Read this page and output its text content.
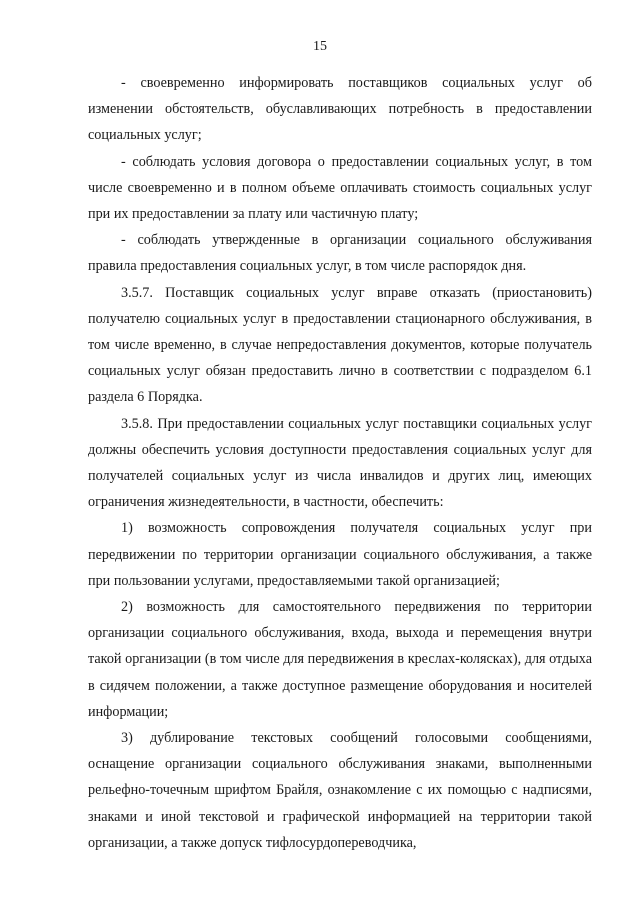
15

- своевременно информировать поставщиков социальных услуг об изменении обстоятельств, обуславливающих потребность в предоставлении социальных услуг;

- соблюдать условия договора о предоставлении социальных услуг, в том числе своевременно и в полном объеме оплачивать стоимость социальных услуг при их предоставлении за плату или частичную плату;

- соблюдать утвержденные в организации социального обслуживания правила предоставления социальных услуг, в том числе распорядок дня.

3.5.7. Поставщик социальных услуг вправе отказать (приостановить) получателю социальных услуг в предоставлении стационарного обслуживания, в том числе временно, в случае непредоставления документов, которые получатель социальных услуг обязан предоставить лично в соответствии с подразделом 6.1 раздела 6 Порядка.

3.5.8. При предоставлении социальных услуг поставщики социальных услуг должны обеспечить условия доступности предоставления социальных услуг для получателей социальных услуг из числа инвалидов и других лиц, имеющих ограничения жизнедеятельности, в частности, обеспечить:

1) возможность сопровождения получателя социальных услуг при передвижении по территории организации социального обслуживания, а также при пользовании услугами, предоставляемыми такой организацией;

2) возможность для самостоятельного передвижения по территории организации социального обслуживания, входа, выхода и перемещения внутри такой организации (в том числе для передвижения в креслах-колясках), для отдыха в сидячем положении, а также доступное размещение оборудования и носителей информации;

3) дублирование текстовых сообщений голосовыми сообщениями, оснащение организации социального обслуживания знаками, выполненными рельефно-точечным шрифтом Брайля, ознакомление с их помощью с надписями, знаками и иной текстовой и графической информацией на территории такой организации, а также допуск тифлосурдопереводчика,
